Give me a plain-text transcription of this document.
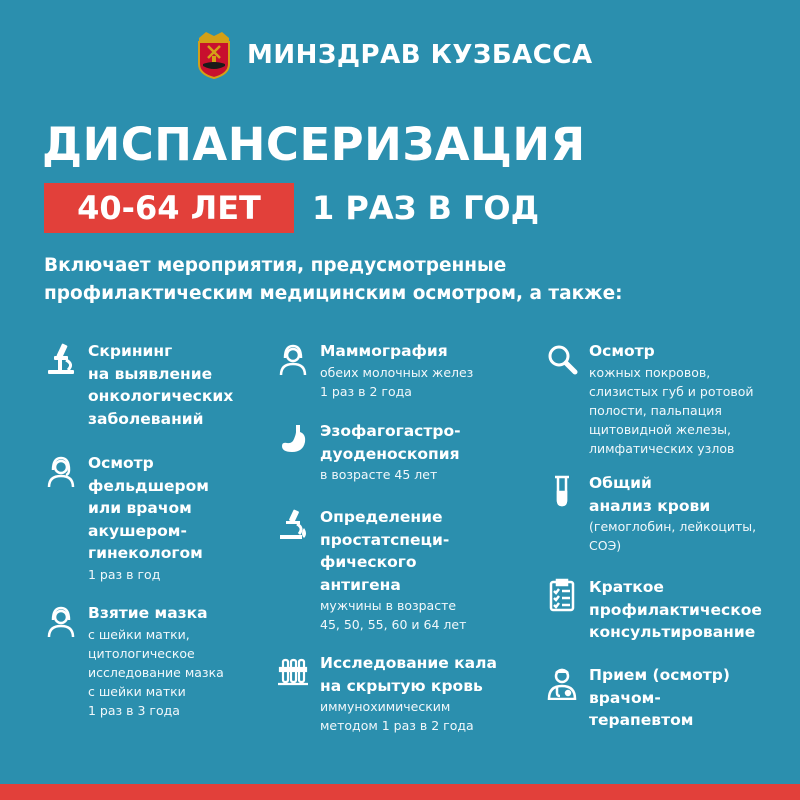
МИНЗДРАВ КУЗБАССА
ДИСПАНСЕРИЗАЦИЯ
40-64 ЛЕТ	1 РАЗ В ГОД
Включает мероприятия, предусмотренные
профилактическим медицинским осмотром, а также:
Скрининг
на выявление
онкологических
заболеваний
Осмотр
фельдшером
или врачом
акушером-
гинекологом
1 раз в год
Взятие мазка
с шейки матки,
цитологическое
исследование мазка
с шейки матки
1 раз в 3 года
Маммография
обеих молочных желез
1 раз в 2 года
Эзофагогастро-
дуоденоскопия
в возрасте 45 лет
Определение
простатспеци-
фического
антигена
мужчины в возрасте
45, 50, 55, 60 и 64 лет
Исследование кала
на скрытую кровь
иммунохимическим
методом 1 раз в 2 года
Осмотр
кожных покровов,
слизистых губ и ротовой
полости, пальпация
щитовидной железы,
лимфатических узлов
Общий
анализ крови
(гемоглобин, лейкоциты,
СОЭ)
Краткое
профилактическое
консультирование
Прием (осмотр)
врачом-
терапевтом
